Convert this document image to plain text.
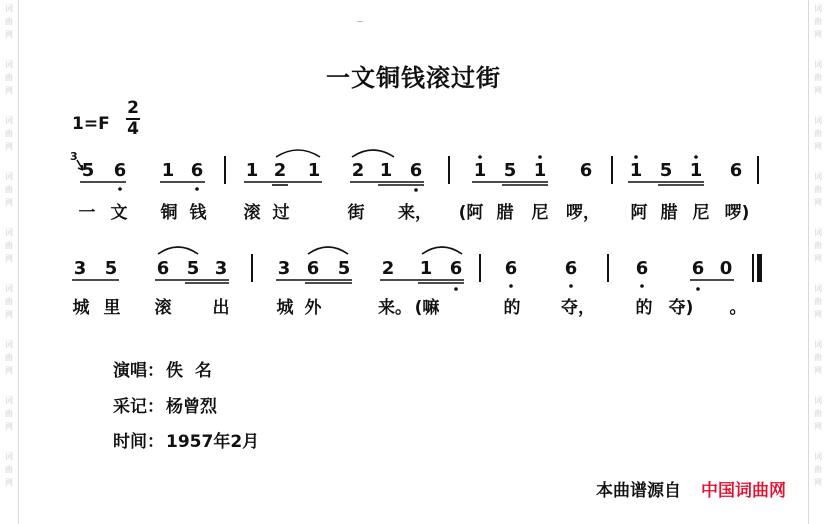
词
曲
网
词
曲
网
词
曲
网
词
曲
网
词
曲
网
词
曲
网
词
曲
网
词
曲
网
词
曲
网
词
曲
网
词
曲
网
词
曲
网
词
曲
网
词
曲
网
词
曲
网
词
曲
网
词
曲
网
词
曲
网
一文铜钱滚过街
1=F
2
4
3
5 6 1 6 1 2 1 2 1 6	1 5 1 6 1 5 1 6
3 5 6 5 3	3 6 5 2 1 6 6	6	6 6 0
一 文 铜 钱 滚 过	街 来， (阿 腊 尼 啰， 阿 腊 尼 啰)
城 里 滚 出	城 外	来。 (嘛	的 夺， 的 夺) 。
演唱： 佚  名
采记： 杨曾烈
时间： 1957年2月
本曲谱源自 中国词曲网
